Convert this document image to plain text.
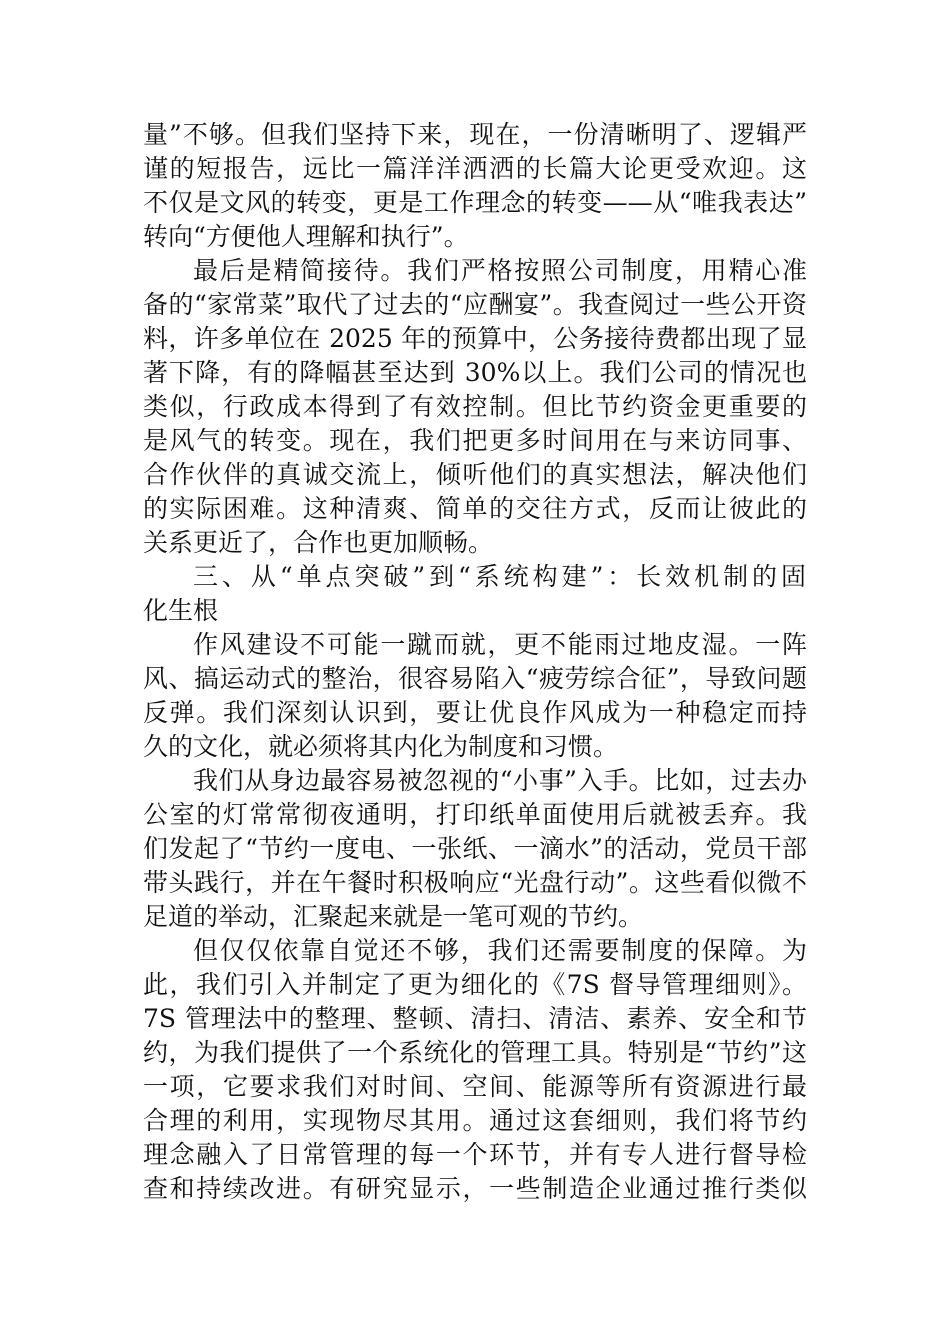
量”不够。但我们坚持下来，现在，一份清晰明了、逻辑严
谨的短报告，远比一篇洋洋洒洒的长篇大论更受欢迎。这
不仅是文风的转变，更是工作理念的转变——从“唯我表达”
转向“方便他人理解和执行”。
最后是精简接待。我们严格按照公司制度，用精心准
备的“家常菜”取代了过去的“应酬宴”。我查阅过一些公开资
料，许多单位在 2025 年的预算中，公务接待费都出现了显
著下降，有的降幅甚至达到 30%以上。我们公司的情况也
类似，行政成本得到了有效控制。但比节约资金更重要的
是风气的转变。现在，我们把更多时间用在与来访同事、
合作伙伴的真诚交流上，倾听他们的真实想法，解决他们
的实际困难。这种清爽、简单的交往方式，反而让彼此的
关系更近了，合作也更加顺畅。
三、从“单点突破”到“系统构建”：长效机制的固
化生根
作风建设不可能一蹴而就，更不能雨过地皮湿。一阵
风、搞运动式的整治，很容易陷入“疲劳综合征”，导致问题
反弹。我们深刻认识到，要让优良作风成为一种稳定而持
久的文化，就必须将其内化为制度和习惯。
我们从身边最容易被忽视的“小事”入手。比如，过去办
公室的灯常常彻夜通明，打印纸单面使用后就被丢弃。我
们发起了“节约一度电、一张纸、一滴水”的活动，党员干部
带头践行，并在午餐时积极响应“光盘行动”。这些看似微不
足道的举动，汇聚起来就是一笔可观的节约。
但仅仅依靠自觉还不够，我们还需要制度的保障。为
此，我们引入并制定了更为细化的《7S 督导管理细则》。
7S 管理法中的整理、整顿、清扫、清洁、素养、安全和节
约，为我们提供了一个系统化的管理工具。特别是“节约”这
一项，它要求我们对时间、空间、能源等所有资源进行最
合理的利用，实现物尽其用。通过这套细则，我们将节约
理念融入了日常管理的每一个环节，并有专人进行督导检
查和持续改进。有研究显示，一些制造企业通过推行类似
